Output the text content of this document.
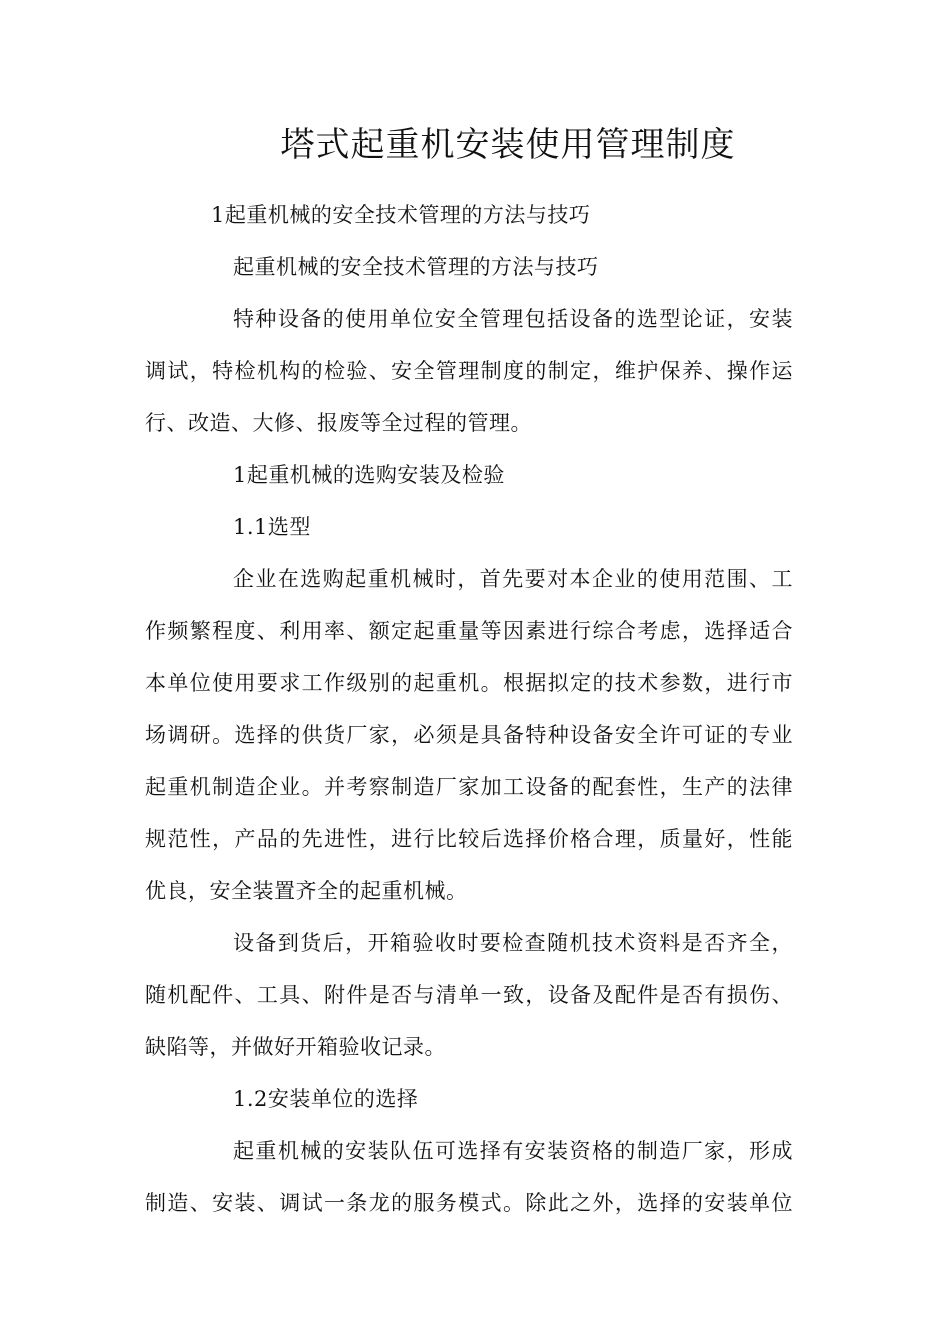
塔式起重机安装使用管理制度
1起重机械的安全技术管理的方法与技巧
起重机械的安全技术管理的方法与技巧
特种设备的使用单位安全管理包括设备的选型论证，安装
调试，特检机构的检验、安全管理制度的制定，维护保养、操作运
行、改造、大修、报废等全过程的管理。
1起重机械的选购安装及检验
1.1选型
企业在选购起重机械时，首先要对本企业的使用范围、工
作频繁程度、利用率、额定起重量等因素进行综合考虑，选择适合
本单位使用要求工作级别的起重机。根据拟定的技术参数，进行市
场调研。选择的供货厂家，必须是具备特种设备安全许可证的专业
起重机制造企业。并考察制造厂家加工设备的配套性，生产的法律
规范性，产品的先进性，进行比较后选择价格合理，质量好，性能
优良，安全装置齐全的起重机械。
设备到货后，开箱验收时要检查随机技术资料是否齐全，
随机配件、工具、附件是否与清单一致，设备及配件是否有损伤、
缺陷等，并做好开箱验收记录。
1.2安装单位的选择
起重机械的安装队伍可选择有安装资格的制造厂家，形成
制造、安装、调试一条龙的服务模式。除此之外，选择的安装单位
